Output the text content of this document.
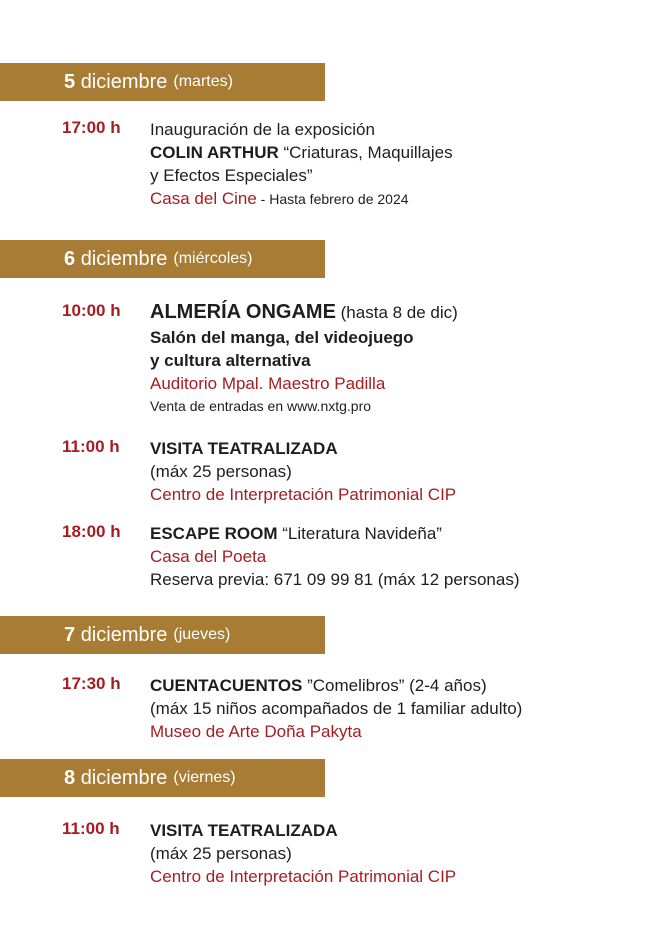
5 diciembre (martes)
17:00 h Inauguración de la exposición
COLIN ARTHUR “Criaturas, Maquillajes
y Efectos Especiales”
Casa del Cine - Hasta febrero de 2024
6 diciembre (miércoles)
10:00 h ALMERÍA ONGAME (hasta 8 de dic)
Salón del manga, del videojuego
y cultura alternativa
Auditorio Mpal. Maestro Padilla
Venta de entradas en www.nxtg.pro
11:00 h VISITA TEATRALIZADA
(máx 25 personas)
Centro de Interpretación Patrimonial CIP
18:00 h ESCAPE ROOM “Literatura Navideña”
Casa del Poeta
Reserva previa: 671 09 99 81 (máx 12 personas)
7 diciembre (jueves)
17:30 h CUENTACUENTOS ”Comelibros” (2-4 años)
(máx 15 niños acompañados de 1 familiar adulto)
Museo de Arte Doña Pakyta
8 diciembre (viernes)
11:00 h VISITA TEATRALIZADA
(máx 25 personas)
Centro de Interpretación Patrimonial CIP
